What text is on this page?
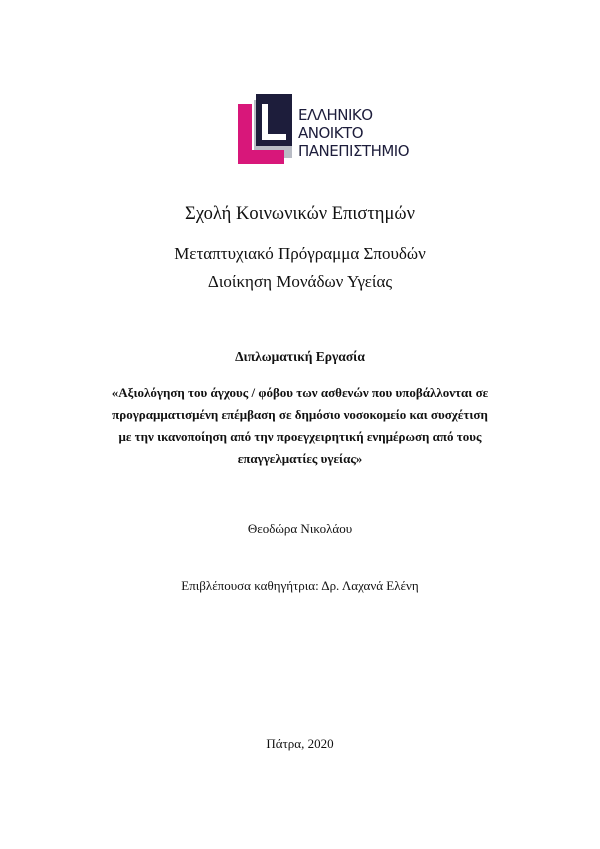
ΕΛΛΗΝΙΚΟ
ΑΝΟΙΚΤΟ
ΠΑΝΕΠΙΣΤΗΜΙΟ
Σχολή Κοινωνικών Επιστημών
Μεταπτυχιακό Πρόγραμμα Σπουδών
Διοίκηση Μονάδων Υγείας
Διπλωματική Εργασία
«Αξιολόγηση του άγχους / φόβου των ασθενών που υποβάλλονται σε
προγραμματισμένη επέμβαση σε δημόσιο νοσοκομείο και συσχέτιση
με την ικανοποίηση από την προεγχειρητική ενημέρωση από τους
επαγγελματίες υγείας»
Θεοδώρα Νικολάου
Επιβλέπουσα καθηγήτρια: Δρ. Λαχανά Ελένη
Πάτρα, 2020
